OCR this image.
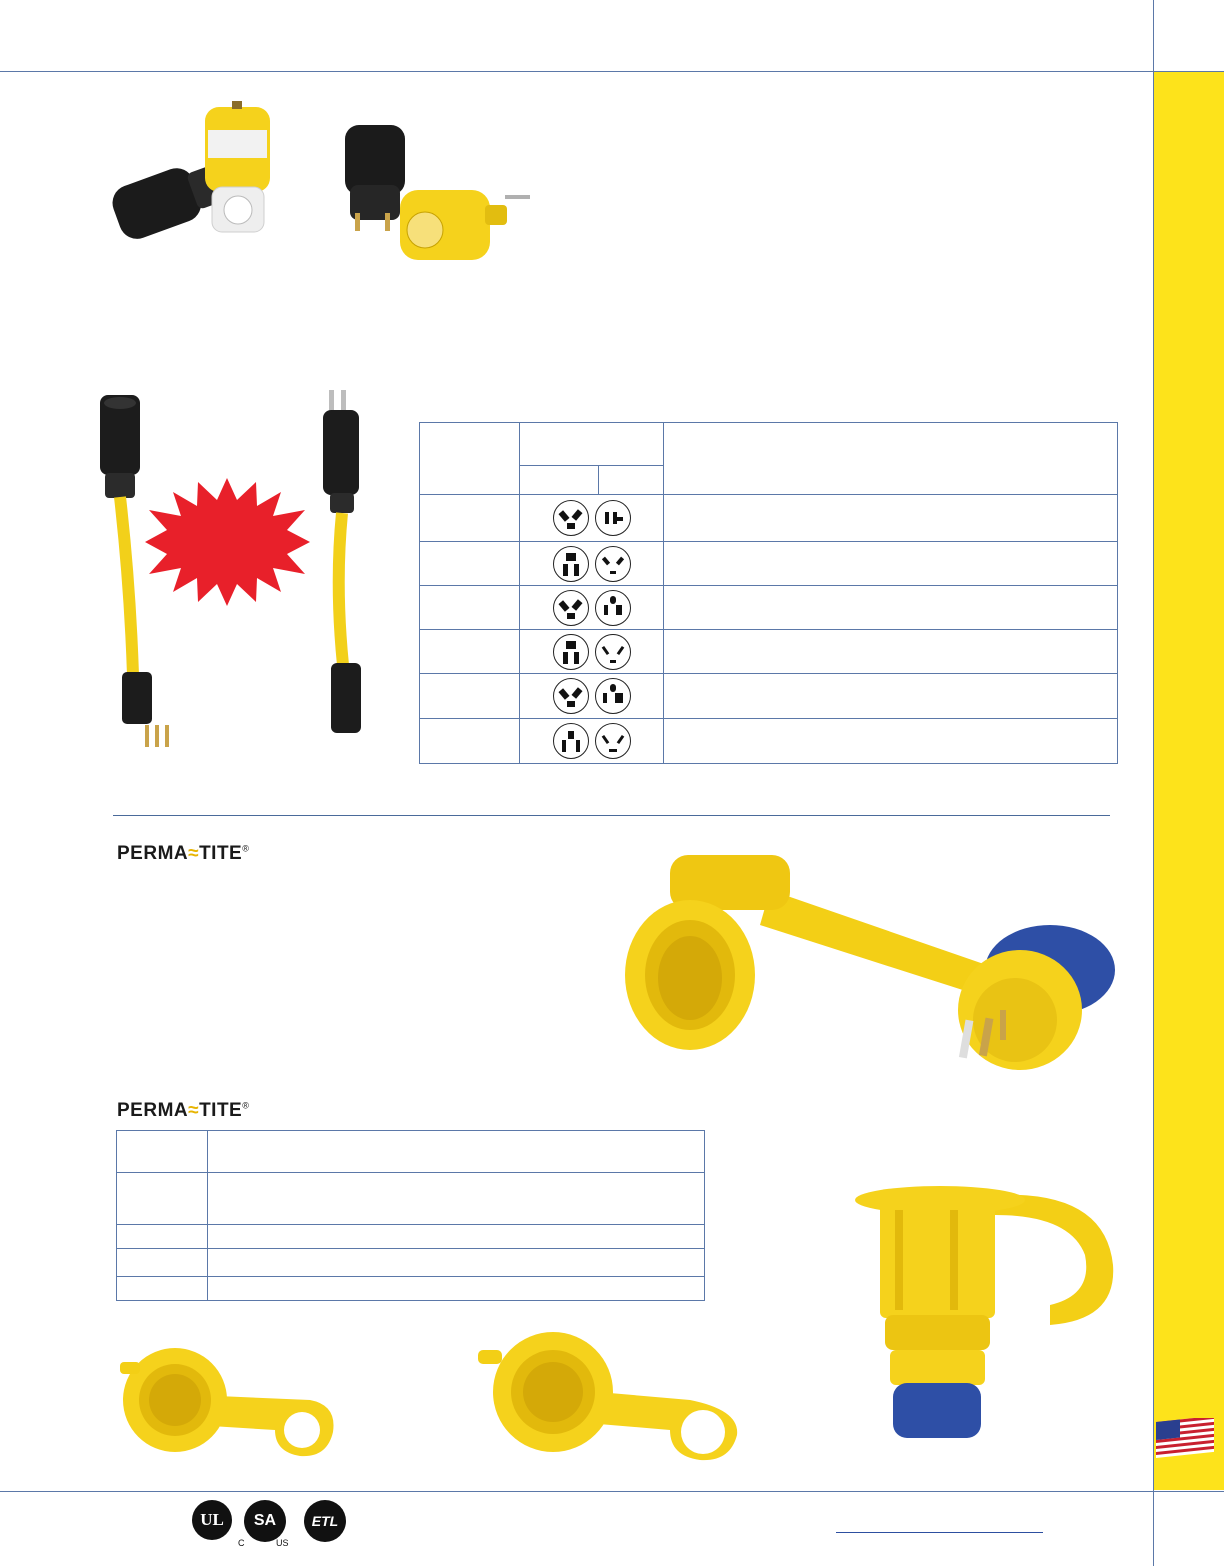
PERMA≈TITE®
PERMA≈TITE®

UL	SA
C	US
ETL
